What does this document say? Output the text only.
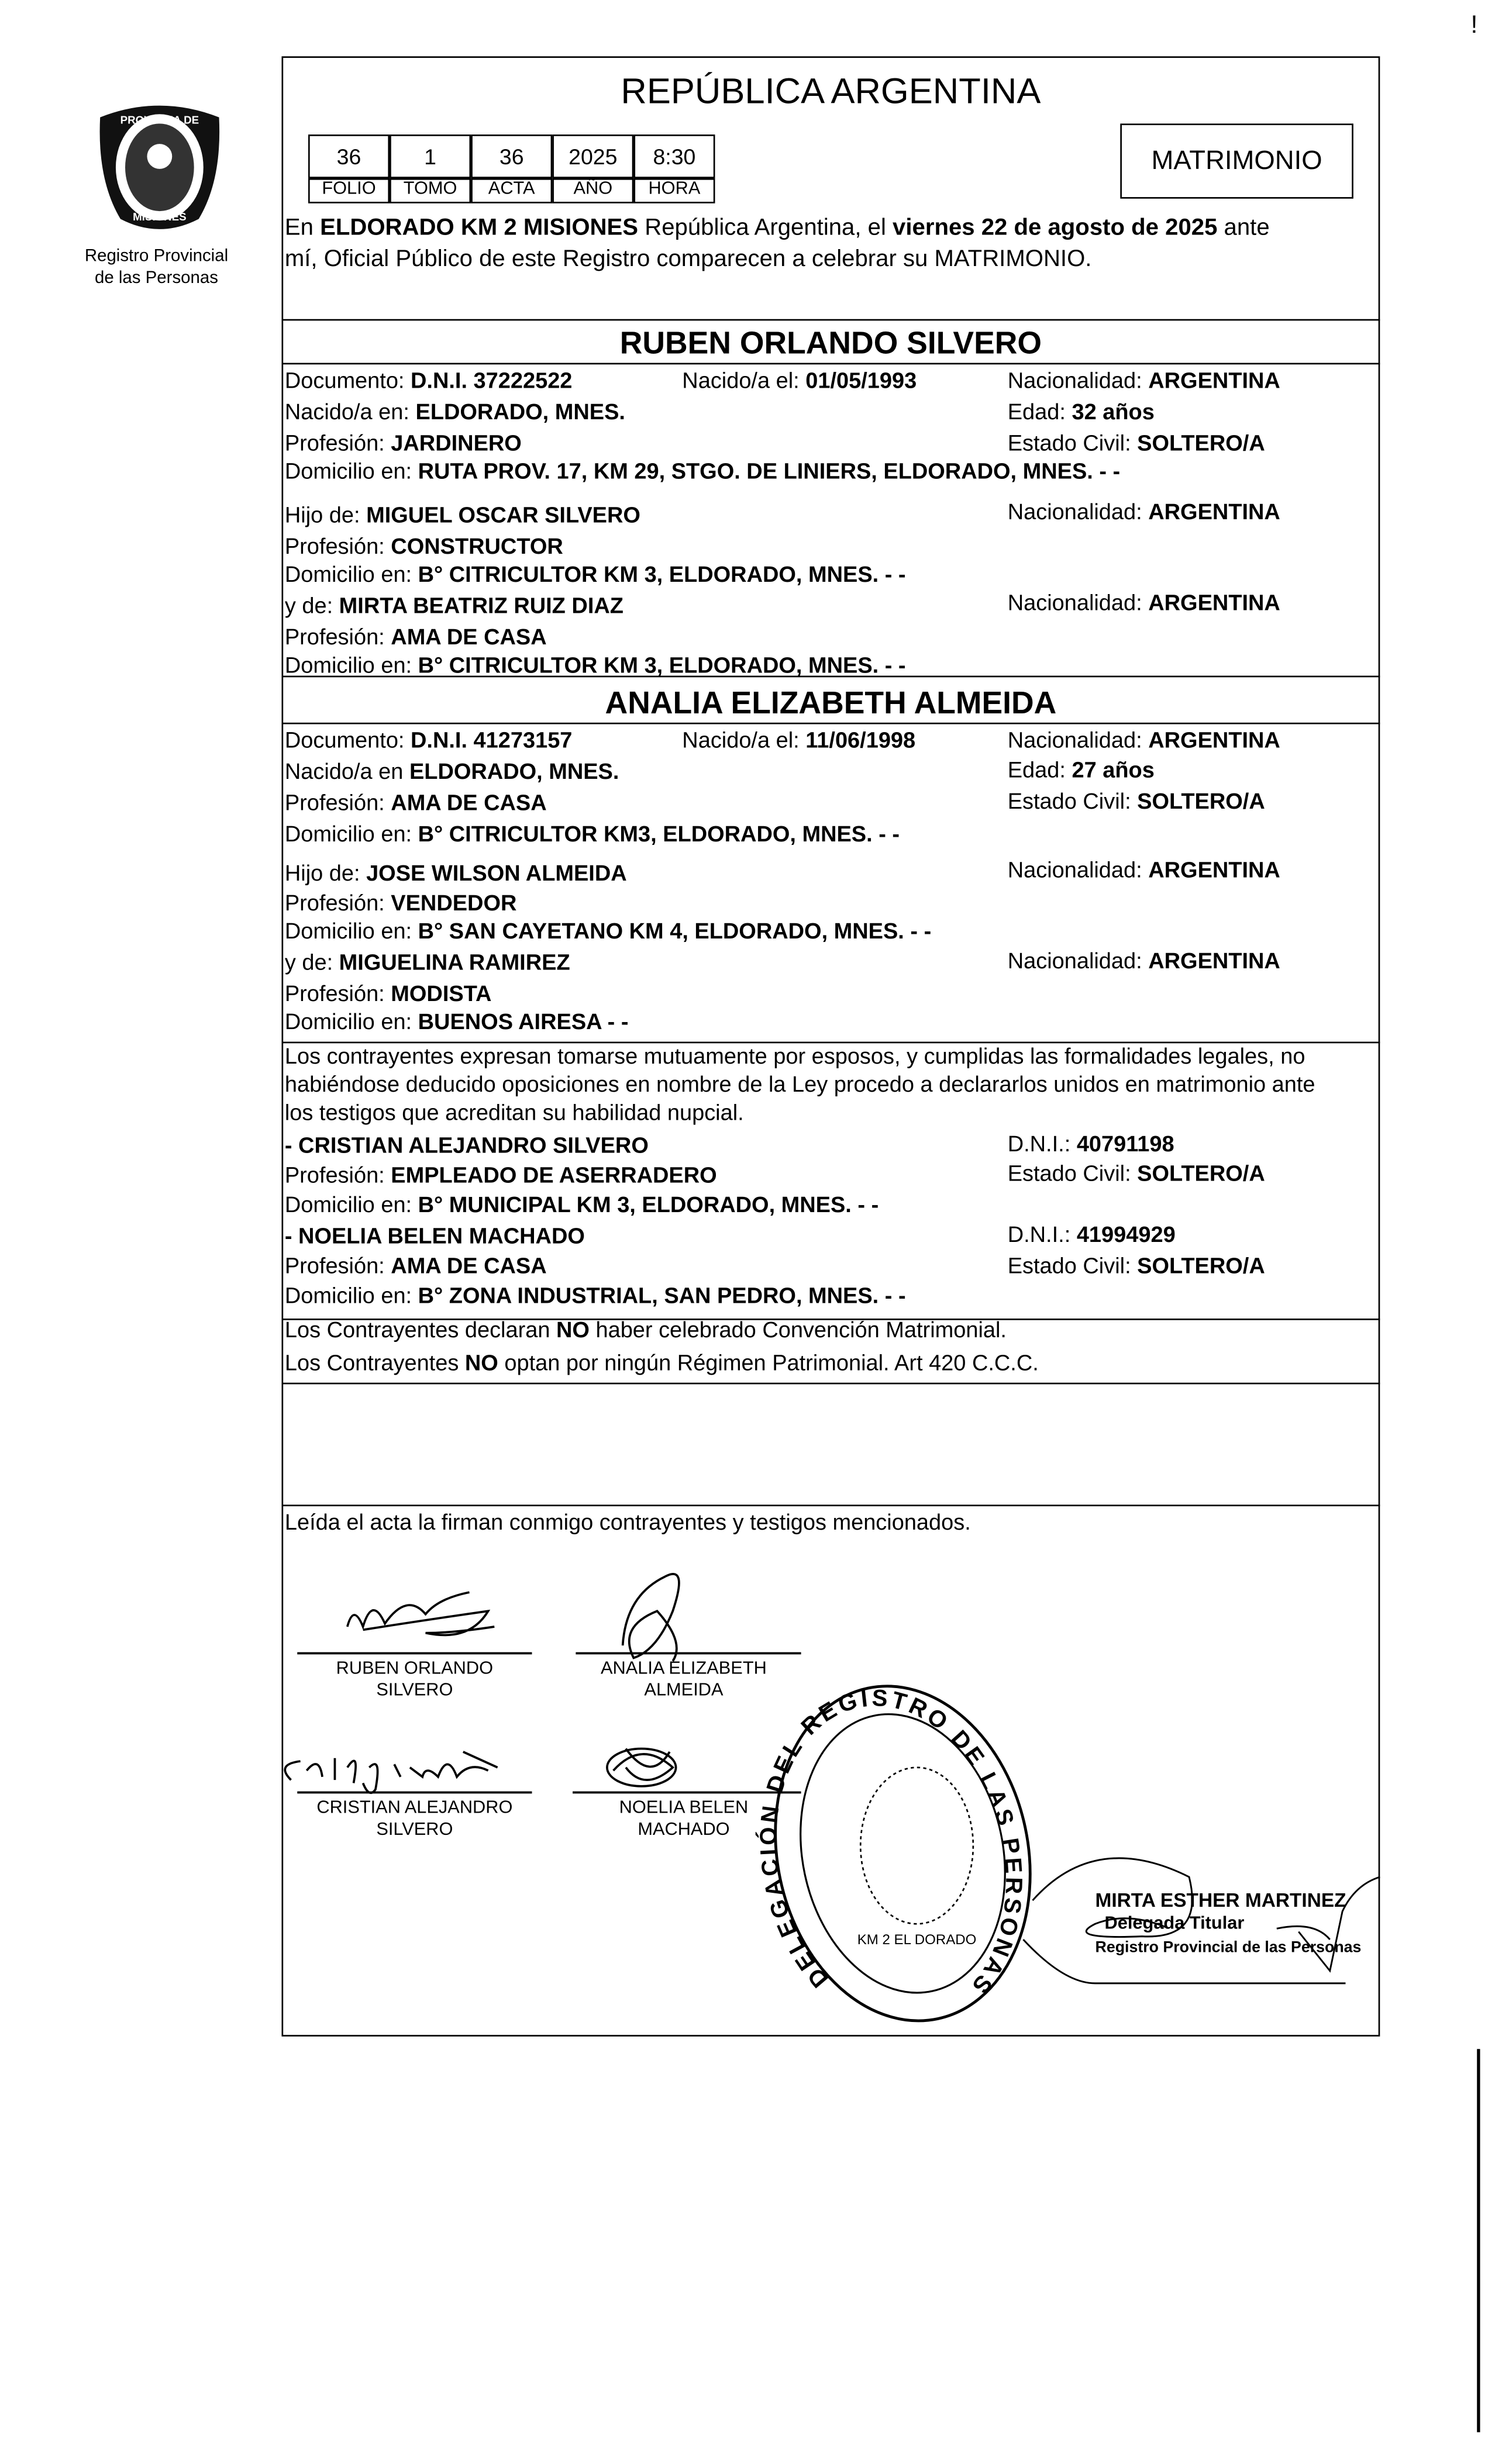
!
PROVINCIA DE
MISIONES
Registro Provincial
de las Personas
REPÚBLICA ARGENTINA
36	1	36	2025	8:30
FOLIO	TOMO	ACTA	AÑO	HORA
MATRIMONIO
En ELDORADO KM 2 MISIONES República Argentina, el viernes 22 de agosto de 2025 ante
mí, Oficial Público de este Registro comparecen a celebrar su MATRIMONIO.
RUBEN ORLANDO SILVERO
Documento: D.N.I. 37222522	Nacido/a el: 01/05/1993	Nacionalidad: ARGENTINA
Nacido/a en: ELDORADO, MNES.	Edad: 32 años
Profesión: JARDINERO	Estado Civil: SOLTERO/A
Domicilio en: RUTA PROV. 17, KM 29, STGO. DE LINIERS, ELDORADO, MNES. - -
Hijo de: MIGUEL OSCAR SILVERO	Nacionalidad: ARGENTINA
Profesión: CONSTRUCTOR
Domicilio en: B° CITRICULTOR KM 3, ELDORADO, MNES. - -
y de: MIRTA BEATRIZ RUIZ DIAZ	Nacionalidad: ARGENTINA
Profesión: AMA DE CASA
Domicilio en: B° CITRICULTOR KM 3, ELDORADO, MNES. - -
ANALIA ELIZABETH ALMEIDA
Documento: D.N.I. 41273157	Nacido/a el: 11/06/1998	Nacionalidad: ARGENTINA
Nacido/a en ELDORADO, MNES.	Edad: 27 años
Profesión: AMA DE CASA	Estado Civil: SOLTERO/A
Domicilio en: B° CITRICULTOR KM3, ELDORADO, MNES. - -
Hijo de: JOSE WILSON ALMEIDA	Nacionalidad: ARGENTINA
Profesión: VENDEDOR
Domicilio en: B° SAN CAYETANO KM 4, ELDORADO, MNES. - -
y de: MIGUELINA RAMIREZ	Nacionalidad: ARGENTINA
Profesión: MODISTA
Domicilio en: BUENOS AIRESA - -
Los contrayentes expresan tomarse mutuamente por esposos, y cumplidas las formalidades legales, no
habiéndose deducido oposiciones en nombre de la Ley procedo a declararlos unidos en matrimonio ante
los testigos que acreditan su habilidad nupcial.
- CRISTIAN ALEJANDRO SILVERO	D.N.I.: 40791198
Profesión: EMPLEADO DE ASERRADERO	Estado Civil: SOLTERO/A
Domicilio en: B° MUNICIPAL KM 3, ELDORADO, MNES. - -
- NOELIA BELEN MACHADO	D.N.I.: 41994929
Profesión: AMA DE CASA	Estado Civil: SOLTERO/A
Domicilio en: B° ZONA INDUSTRIAL, SAN PEDRO, MNES. - -
Los Contrayentes declaran NO haber celebrado Convención Matrimonial.
Los Contrayentes NO optan por ningún Régimen Patrimonial. Art 420 C.C.C.
Leída el acta la firman conmigo contrayentes y testigos mencionados.
DELEGACIÓN DEL REGISTRO DE LAS PERSONAS
KM 2 EL DORADO
RUBEN ORLANDO
SILVERO
ANALIA ELIZABETH
ALMEIDA
CRISTIAN ALEJANDRO
SILVERO
NOELIA BELEN
MACHADO
MIRTA ESTHER MARTINEZ
Delegada Titular
Registro Provincial de las Personas
